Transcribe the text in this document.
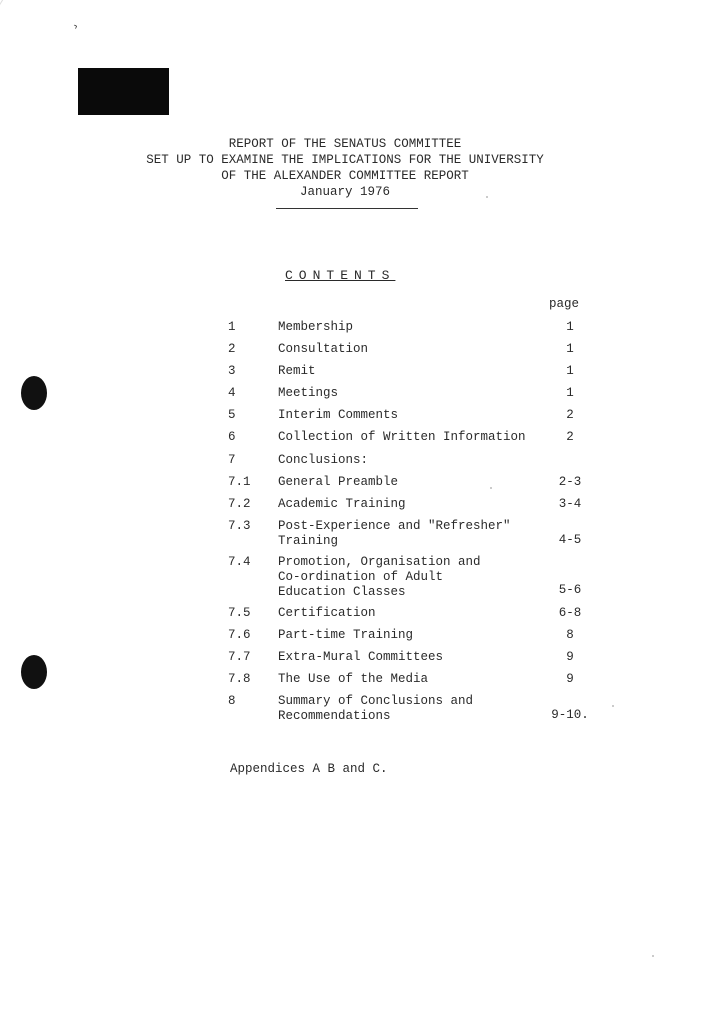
›
REPORT OF THE SENATUS COMMITTEE
SET UP TO EXAMINE THE IMPLICATIONS FOR THE UNIVERSITY
OF THE ALEXANDER COMMITTEE REPORT
January 1976
CONTENTS
page
1	Membership	1
2	Consultation	1
3	Remit	1
4	Meetings	1
5	Interim Comments	2
6	Collection of Written Information	2
7	Conclusions:
7.1 General Preamble	2-3
7.2 Academic Training	3-4
7.3 Post-Experience and "Refresher"
Training	4-5
7.4 Promotion, Organisation and
Co-ordination of Adult
Education Classes	5-6
7.5 Certification	6-8
7.6 Part-time Training	8
7.7 Extra-Mural Committees	9
7.8 The Use of the Media	9
8	Summary of Conclusions and
Recommendations	9-10.
Appendices A B and C.
